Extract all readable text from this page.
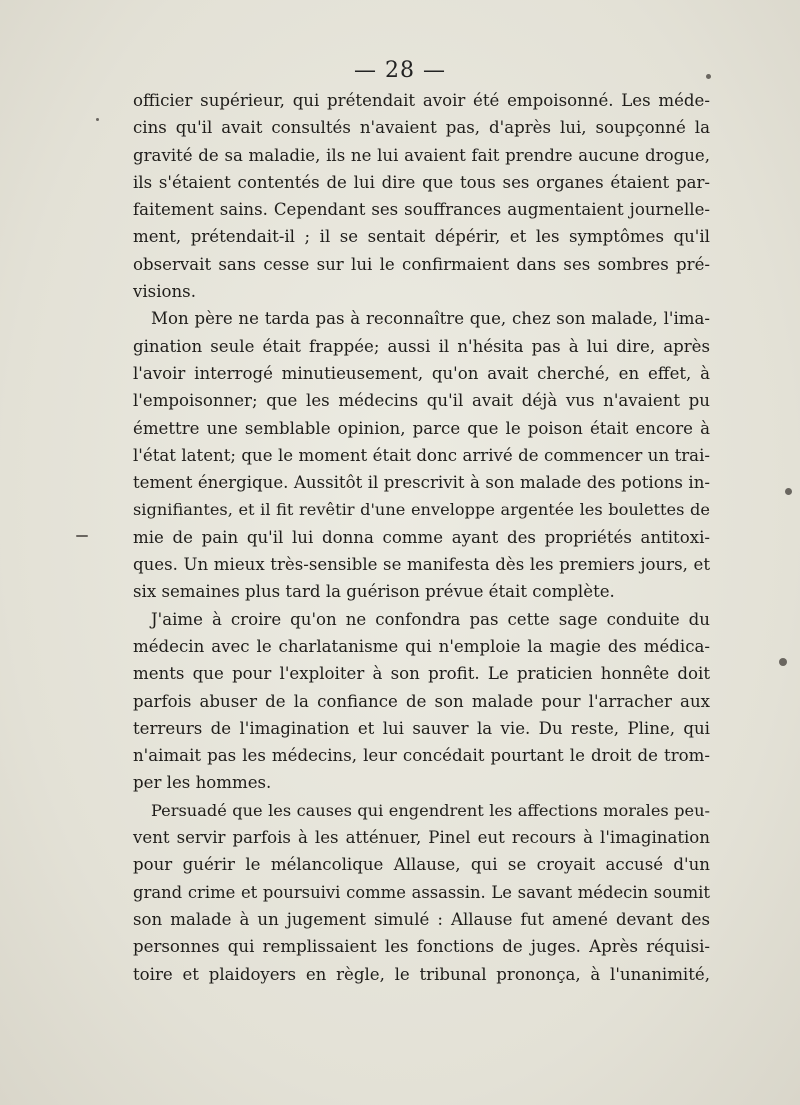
— 28 —
officier supérieur, qui prétendait avoir été empoisonné. Les méde-
cins qu'il avait consultés n'avaient pas, d'après lui, soupçonné la
gravité de sa maladie, ils ne lui avaient fait prendre aucune drogue,
ils s'étaient contentés de lui dire que tous ses organes étaient par-
faitement sains. Cependant ses souffrances augmentaient journelle-
ment, prétendait-il ; il se sentait dépérir, et les symptômes qu'il
observait sans cesse sur lui le confirmaient dans ses sombres pré-
visions.
Mon père ne tarda pas à reconnaître que, chez son malade, l'ima-
gination seule était frappée; aussi il n'hésita pas à lui dire, après
l'avoir interrogé minutieusement, qu'on avait cherché, en effet, à
l'empoisonner; que les médecins qu'il avait déjà vus n'avaient pu
émettre une semblable opinion, parce que le poison était encore à
l'état latent; que le moment était donc arrivé de commencer un trai-
tement énergique. Aussitôt il prescrivit à son malade des potions in-
signifiantes, et il fit revêtir d'une enveloppe argentée les boulettes de
mie de pain qu'il lui donna comme ayant des propriétés antitoxi-
ques. Un mieux très-sensible se manifesta dès les premiers jours, et
six semaines plus tard la guérison prévue était complète.
J'aime à croire qu'on ne confondra pas cette sage conduite du
médecin avec le charlatanisme qui n'emploie la magie des médica-
ments que pour l'exploiter à son profit. Le praticien honnête doit
parfois abuser de la confiance de son malade pour l'arracher aux
terreurs de l'imagination et lui sauver la vie. Du reste, Pline, qui
n'aimait pas les médecins, leur concédait pourtant le droit de trom-
per les hommes.
Persuadé que les causes qui engendrent les affections morales peu-
vent servir parfois à les atténuer, Pinel eut recours à l'imagination
pour guérir le mélancolique Allause, qui se croyait accusé d'un
grand crime et poursuivi comme assassin. Le savant médecin soumit
son malade à un jugement simulé : Allause fut amené devant des
personnes qui remplissaient les fonctions de juges. Après réquisi-
toire et plaidoyers en règle, le tribunal prononça, à l'unanimité,
